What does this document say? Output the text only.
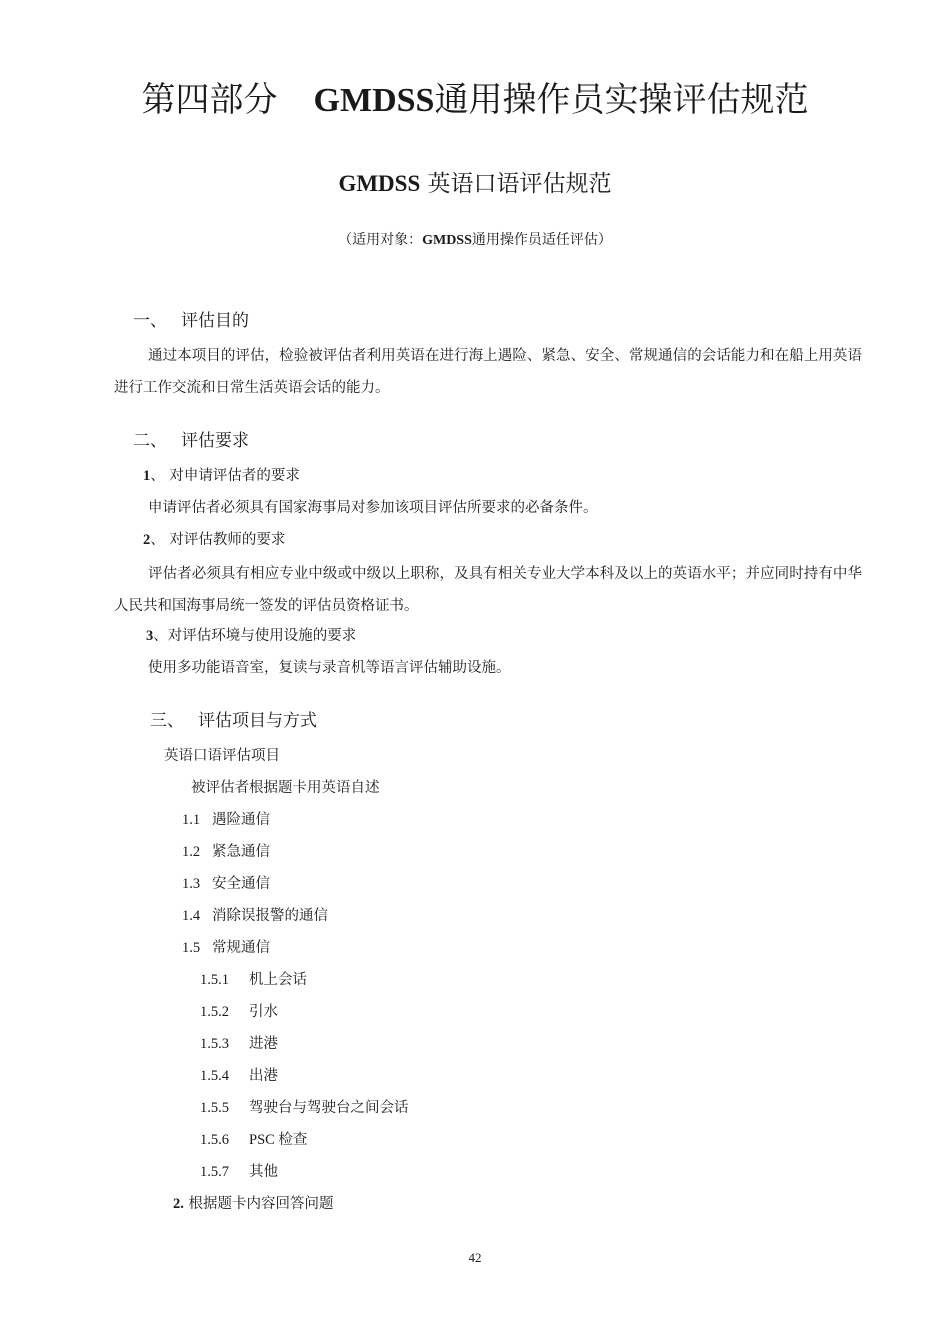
第四部分 GMDSS通用操作员实操评估规范
GMDSS 英语口语评估规范
（适用对象：GMDSS通用操作员适任评估）
一、 评估目的
通过本项目的评估，检验被评估者利用英语在进行海上遇险、紧急、安全、常规通信的会话能力和在船上用英语进行工作交流和日常生活英语会话的能力。
二、 评估要求
1、 对申请评估者的要求
申请评估者必须具有国家海事局对参加该项目评估所要求的必备条件。
2、 对评估教师的要求
评估者必须具有相应专业中级或中级以上职称，及具有相关专业大学本科及以上的英语水平；并应同时持有中华人民共和国海事局统一签发的评估员资格证书。
3、对评估环境与使用设施的要求
使用多功能语音室，复读与录音机等语言评估辅助设施。
三、 评估项目与方式
英语口语评估项目
被评估者根据题卡用英语自述
1.1 遇险通信
1.2 紧急通信
1.3 安全通信
1.4 消除误报警的通信
1.5 常规通信
1.5.1 机上会话
1.5.2 引水
1.5.3 进港
1.5.4 出港
1.5.5 驾驶台与驾驶台之间会话
1.5.6 PSC 检查
1.5.7 其他
2. 根据题卡内容回答问题
42
